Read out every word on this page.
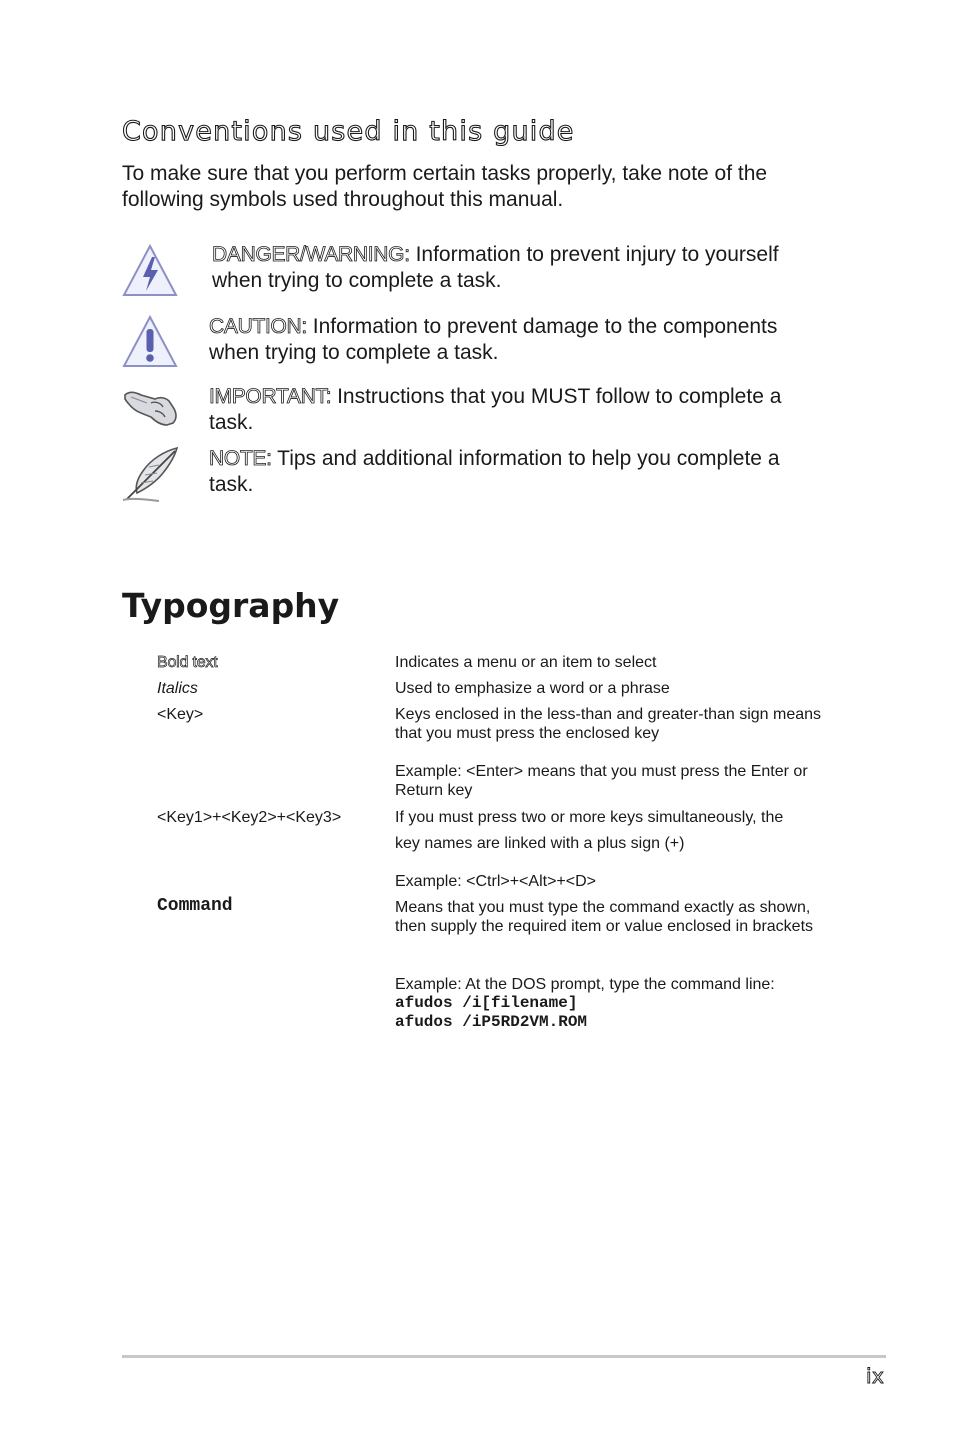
Conventions used in this guide

To make sure that you perform certain tasks properly, take note of the following symbols used throughout this manual.

DANGER/WARNING: Information to prevent injury to yourself when trying to complete a task.
CAUTION: Information to prevent damage to the components when trying to complete a task.
IMPORTANT: Instructions that you MUST follow to complete a task.
NOTE: Tips and additional information to help you complete a task.
Typography
Bold text	Indicates a menu or an item to select
Italics	Used to emphasize a word or a phrase
<Key>	Keys enclosed in the less-than and greater-than sign means that you must press the enclosed key
Example: <Enter> means that you must press the Enter or Return key
<Key1>+<Key2>+<Key3>	If you must press two or more keys simultaneously, the
key names are linked with a plus sign (+)
Example: <Ctrl>+<Alt>+<D>
Command	Means that you must type the command exactly as shown, then supply the required item or value enclosed in brackets
Example: At the DOS prompt, type the command line:
afudos /i[filename]
afudos /iP5RD2VM.ROM
ix
